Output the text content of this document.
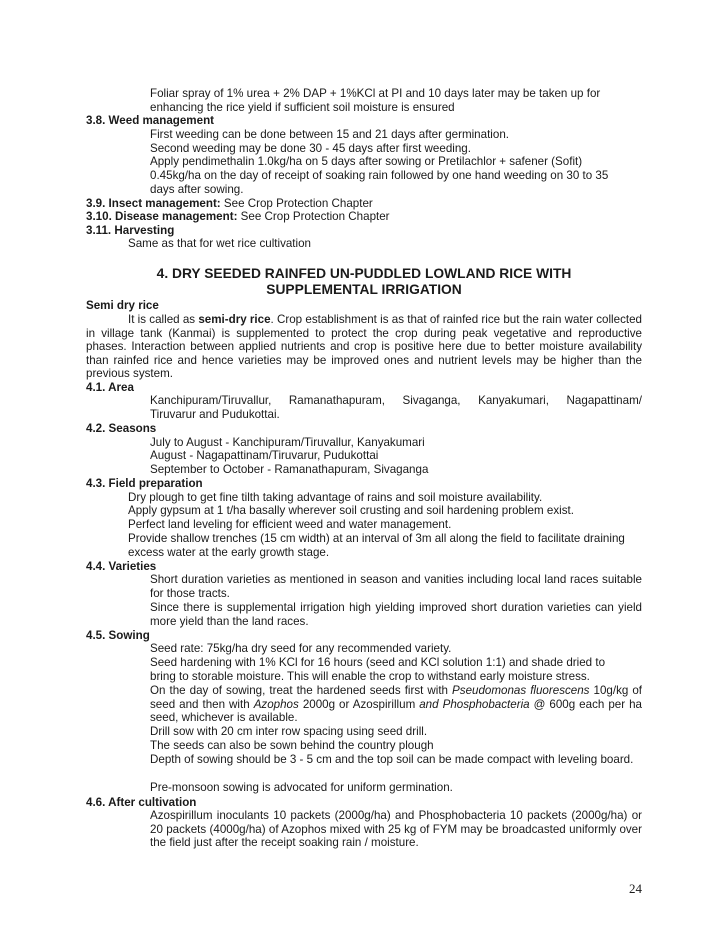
Foliar spray of 1% urea + 2% DAP + 1%KCl at PI and 10 days later may be taken up for
enhancing the rice yield if sufficient soil moisture is ensured
3.8. Weed management
First weeding can be done between 15 and 21 days after germination.
Second weeding may be done 30 - 45 days after first weeding.
Apply pendimethalin 1.0kg/ha on 5 days after sowing or Pretilachlor + safener (Sofit)
0.45kg/ha on the day of receipt of soaking rain followed by one hand weeding on 30 to 35
days after sowing.
3.9. Insect management: See Crop Protection Chapter
3.10. Disease management: See Crop Protection Chapter
3.11. Harvesting
Same as that for wet rice cultivation
4. DRY SEEDED RAINFED UN-PUDDLED LOWLAND RICE WITH
SUPPLEMENTAL IRRIGATION
Semi dry rice
It is called as semi-dry rice. Crop establishment is as that of rainfed rice but the rain water collected in village tank (Kanmai) is supplemented to protect the crop during peak vegetative and reproductive phases. Interaction between applied nutrients and crop is positive here due to better moisture availability than rainfed rice and hence varieties may be improved ones and nutrient levels may be higher than the previous system.
4.1. Area
Kanchipuram/Tiruvallur, Ramanathapuram, Sivaganga, Kanyakumari, Nagapattinam/
Tiruvarur and Pudukottai.
4.2. Seasons
July to August - Kanchipuram/Tiruvallur, Kanyakumari
August - Nagapattinam/Tiruvarur, Pudukottai
September to October - Ramanathapuram, Sivaganga
4.3. Field preparation
Dry plough to get fine tilth taking advantage of rains and soil moisture availability.
Apply gypsum at 1 t/ha basally wherever soil crusting and soil hardening problem exist.
Perfect land leveling for efficient weed and water management.
Provide shallow trenches (15 cm width) at an interval of 3m all along the field to facilitate draining
excess water at the early growth stage.
4.4. Varieties
Short duration varieties as mentioned in season and vanities including local land races suitable for those tracts.
Since there is supplemental irrigation high yielding improved short duration varieties can yield more yield than the land races.
4.5. Sowing
Seed rate: 75kg/ha dry seed for any recommended variety.
Seed hardening with 1% KCl for 16 hours (seed and KCl solution 1:1) and shade dried to
bring to storable moisture. This will enable the crop to withstand early moisture stress.
On the day of sowing, treat the hardened seeds first with Pseudomonas fluorescens 10g/kg of seed and then with Azophos 2000g or Azospirillum and Phosphobacteria @ 600g each per ha seed, whichever is available.
Drill sow with 20 cm inter row spacing using seed drill.
The seeds can also be sown behind the country plough
Depth of sowing should be 3 - 5 cm and the top soil can be made compact with leveling board.
Pre-monsoon sowing is advocated for uniform germination.
4.6. After cultivation
Azospirillum inoculants 10 packets (2000g/ha) and Phosphobacteria 10 packets (2000g/ha) or 20 packets (4000g/ha) of Azophos mixed with 25 kg of FYM may be broadcasted uniformly over the field just after the receipt soaking rain / moisture.
24
